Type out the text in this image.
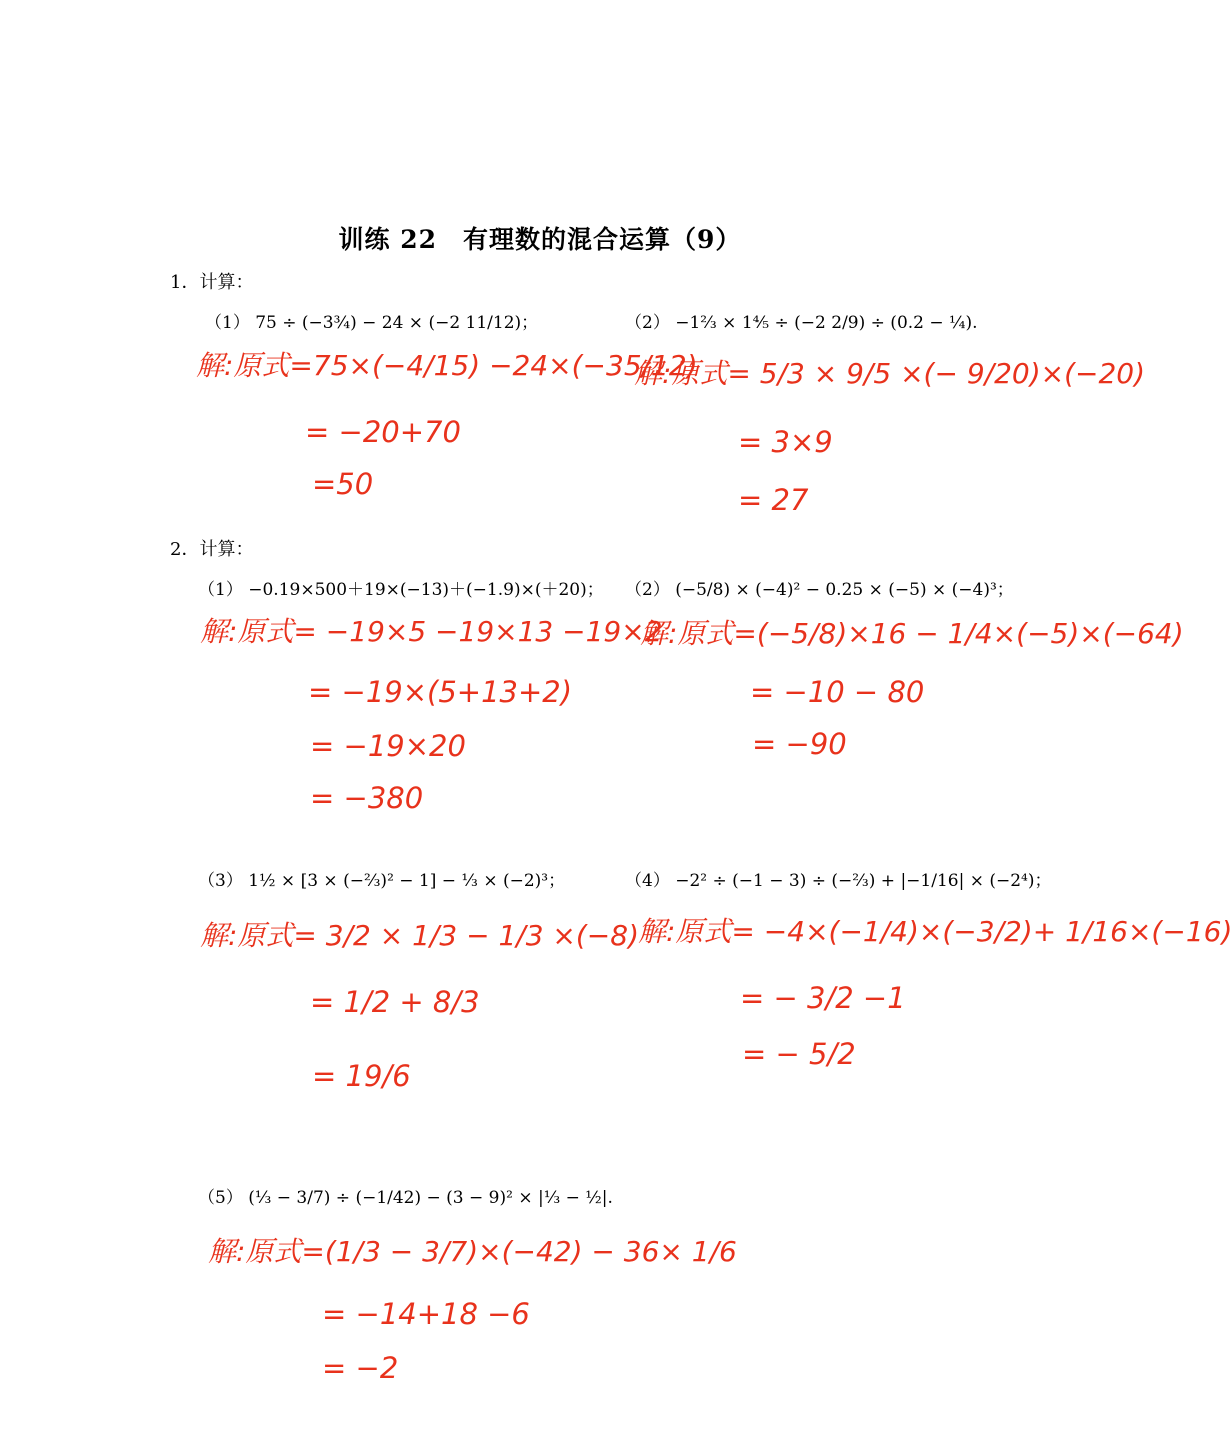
训练 22　有理数的混合运算（9）
1．计算：
（1） 75 ÷ (−3¾) − 24 × (−2 11/12)；
解:原式=75×(−4/15) −24×(−35/12)
= −20+70
=50
（2） −1⅔ × 1⅘ ÷ (−2 2/9) ÷ (0.2 − ¼).
解:原式= 5/3 × 9/5 ×(− 9/20)×(−20)
= 3×9
= 27
2．计算：
（1） −0.19×500＋19×(−13)＋(−1.9)×(＋20)；
解:原式= −19×5 −19×13 −19×2
= −19×(5+13+2)
= −19×20
= −380
（2） (−5/8) × (−4)² − 0.25 × (−5) × (−4)³；
解:原式=(−5/8)×16 − 1/4×(−5)×(−64)
= −10 − 80
= −90
（3） 1½ × [3 × (−⅔)² − 1] − ⅓ × (−2)³；
解:原式= 3/2 × 1/3 − 1/3 ×(−8)
= 1/2 + 8/3
= 19/6
（4） −2² ÷ (−1 − 3) ÷ (−⅔) + |−1/16| × (−2⁴)；
解:原式= −4×(−1/4)×(−3/2)+ 1/16×(−16)
= − 3/2 −1
= − 5/2
（5） (⅓ − 3/7) ÷ (−1/42) − (3 − 9)² × |⅓ − ½|.
解:原式=(1/3 − 3/7)×(−42) − 36× 1/6
= −14+18 −6
= −2
